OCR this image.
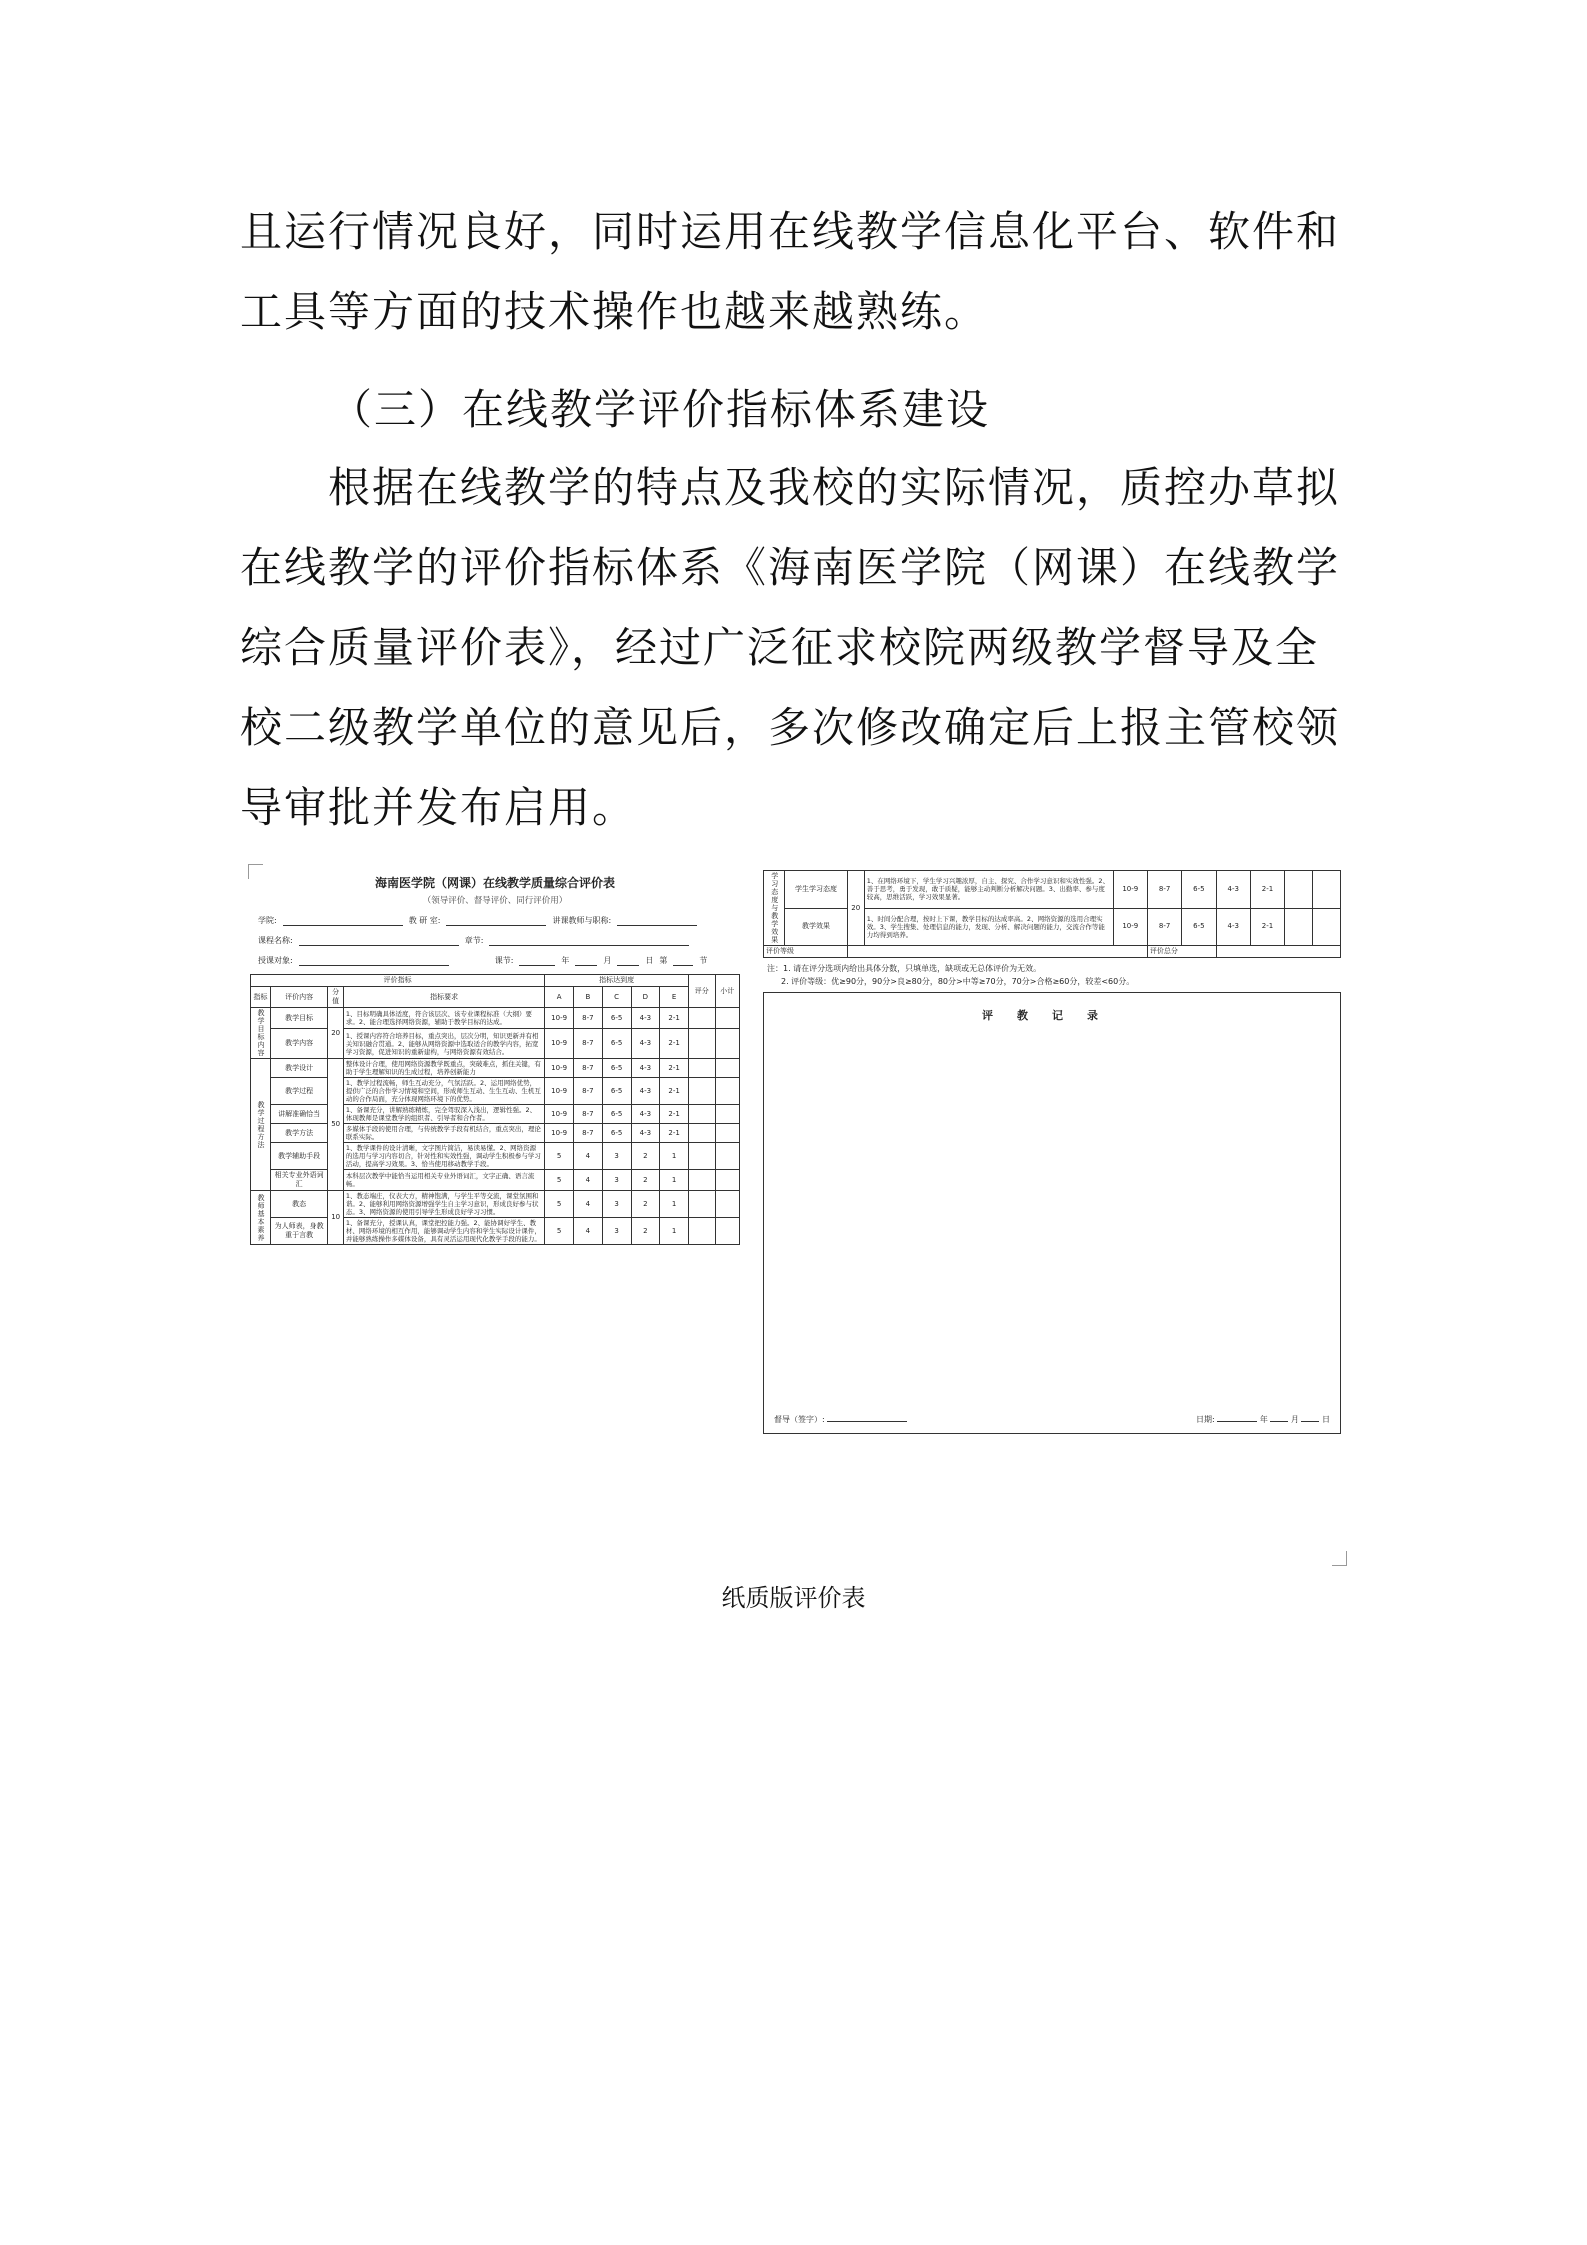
且运行情况良好，同时运用在线教学信息化平台、软件和工具等方面的技术操作也越来越熟练。

（三）在线教学评价指标体系建设

根据在线教学的特点及我校的实际情况，质控办草拟在线教学的评价指标体系《海南医学院（网课）在线教学综合质量评价表》，经过广泛征求校院两级教学督导及全校二级教学单位的意见后，多次修改确定后上报主管校领导审批并发布启用。

海南医学院（网课）在线教学质量综合评价表
（领导评价、督导评价、同行评价用）
学院:	教 研 室:	讲课教师与职称:
课程名称:	章节:
授课对象:	课节:	年	月	日 第	节
评价指标				指标达到度					评分	小计
指标	评价内容	分值	指标要求	A	B	C	D	E		
教学目标内容	教学目标	20	1、目标明确具体适度，符合该层次、该专业课程标准（大纲）要求。2、能合理选择网络资源，辅助于教学目标的达成。	10-9	8-7	6-5	4-3	2-1		
	教学内容		1、授课内容符合培养目标，重点突出，层次分明，知识更新并有相关知识融合贯通。2、能够从网络资源中选取适合的教学内容，拓宽学习资源，促进知识的重新建构，与网络资源有效结合。	10-9	8-7	6-5	4-3	2-1		
教学过程方法	教学设计	50	整体设计合理，使用网络资源教学既重点，突破难点，抓住关键，有助于学生理解知识的生成过程，培养创新能力	10-9	8-7	6-5	4-3	2-1		
	教学过程		1、教学过程流畅，师生互动充分，气氛活跃。2、运用网络优势，提供广泛的合作学习情境和空间，形成师生互动、生生互动、生机互动的合作局面，充分体现网络环境下的优势。	10-9	8-7	6-5	4-3	2-1		
	讲解准确恰当		1、备课充分，讲解熟练精炼，完全驾驭深入浅出，逻辑性强。2、体现教师是课堂教学的组织者、引导者和合作者。	10-9	8-7	6-5	4-3	2-1		
	教学方法		多媒体手段的使用合理，与传统教学手段有机结合，重点突出，理论联系实际。	10-9	8-7	6-5	4-3	2-1		
	教学辅助手段		1、教学课件的设计清晰，文字图片简洁，易读易懂。2、网络资源的选用与学习内容切合，针对性和实效性强，调动学生积极参与学习活动，提高学习效果。3、恰当使用移动教学手段。	5	4	3	2	1		
	相关专业外语词汇		本科层次教学中能恰当运用相关专业外语词汇，文字正确、语言流畅。	5	4	3	2	1		
教师基本素养	教态	10	1、教态端庄，仪表大方，精神饱满，与学生平等交流，课堂氛围和谐。2、能够利用网络资源增强学生自主学习意识，形成良好参与状态。3、网络资源的使用引导学生形成良好学习习惯。	5	4	3	2	1		
	为人师表，身教重于言教		1、备课充分，授课认真，课堂把控能力强。2、能协调好学生、教材、网络环境的相互作用，能够调动学生内容和学生实际设计课件，并能够熟练操作多媒体设备，具有灵活运用现代化教学手段的能力。	5	4	3	2	1		
学习态度与教学效果	学生学习态度	20	1、在网络环境下，学生学习兴趣浓厚，自主、探究、合作学习意识和实效性强。2、善于思考，勇于发现，敢于质疑，能够主动判断分析解决问题。3、出勤率、参与度较高，思维活跃，学习效果显著。	10-9	8-7	6-5	4-3	2-1		
	教学效果		1、时间分配合理，按时上下课，教学目标的达成率高。2、网络资源的选用合理实效。3、学生搜集、处理信息的能力，发现、分析、解决问题的能力，交流合作等能力均得到培养。	10-9	8-7	6-5	4-3	2-1		
评价等级					评价总分					
注：1. 请在评分选项内给出具体分数，只填单选，缺项或无总体评价为无效。
2. 评价等级：优≥90分，90分>良≥80分，80分>中等≥70分，70分>合格≥60分，较差<60分。
评教记录
督导（签字）:	日期:	年	月	日
纸质版评价表
